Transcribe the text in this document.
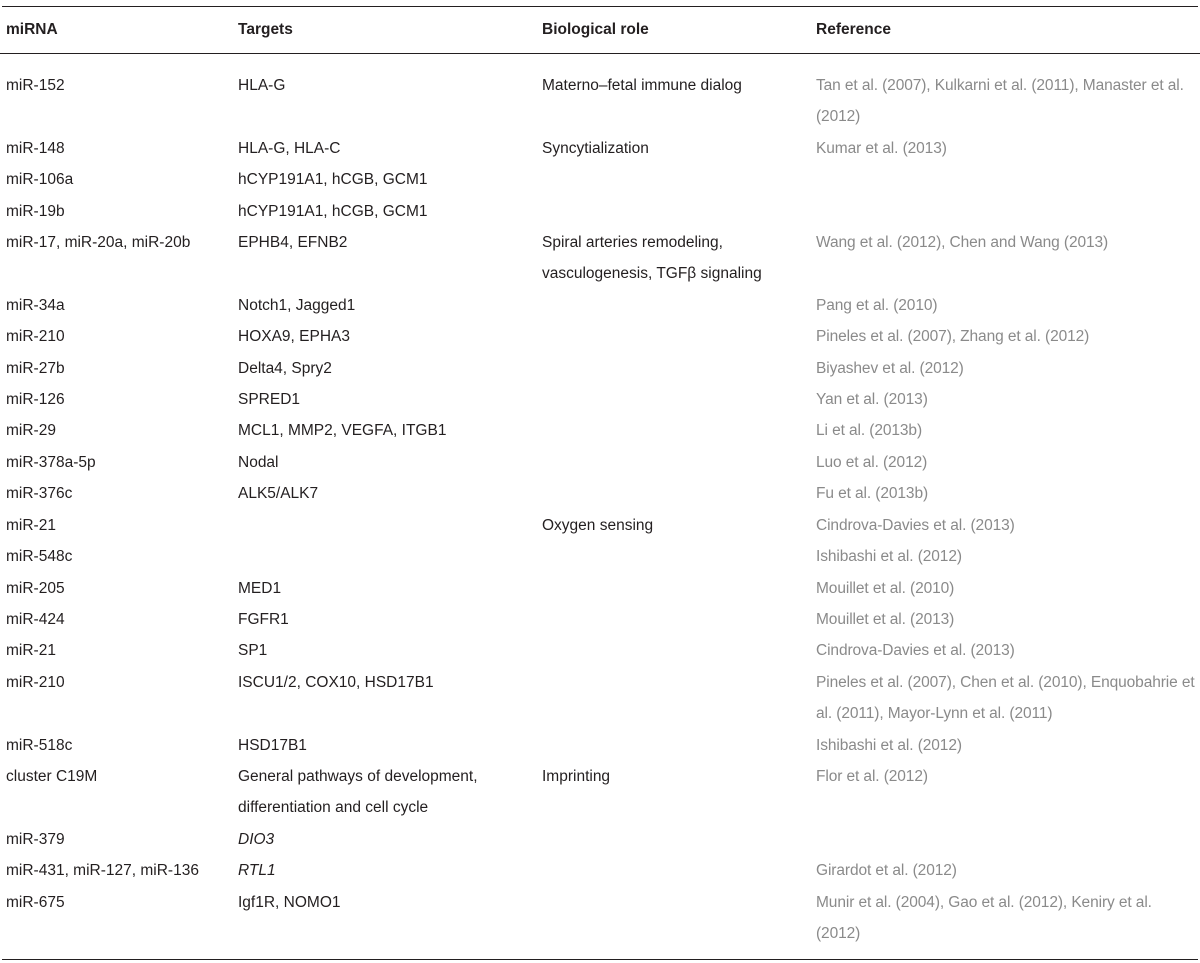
miRNA	Targets	Biological role	Reference
miR-152	HLA-G	Materno–fetal immune dialog	Tan et al. (2007), Kulkarni et al. (2011), Manaster et al. (2012)
miR-148	HLA-G, HLA-C	Syncytialization	Kumar et al. (2013)
miR-106a	hCYP191A1, hCGB, GCM1		
miR-19b	hCYP191A1, hCGB, GCM1		
miR-17, miR-20a, miR-20b	EPHB4, EFNB2	Spiral arteries remodeling, vasculogenesis, TGFβ signaling	Wang et al. (2012), Chen and Wang (2013)
miR-34a	Notch1, Jagged1		Pang et al. (2010)
miR-210	HOXA9, EPHA3		Pineles et al. (2007), Zhang et al. (2012)
miR-27b	Delta4, Spry2		Biyashev et al. (2012)
miR-126	SPRED1		Yan et al. (2013)
miR-29	MCL1, MMP2, VEGFA, ITGB1		Li et al. (2013b)
miR-378a-5p	Nodal		Luo et al. (2012)
miR-376c	ALK5/ALK7		Fu et al. (2013b)
miR-21		Oxygen sensing	Cindrova-Davies et al. (2013)
miR-548c			Ishibashi et al. (2012)
miR-205	MED1		Mouillet et al. (2010)
miR-424	FGFR1		Mouillet et al. (2013)
miR-21	SP1		Cindrova-Davies et al. (2013)
miR-210	ISCU1/2, COX10, HSD17B1		Pineles et al. (2007), Chen et al. (2010), Enquobahrie et al. (2011), Mayor-Lynn et al. (2011)
miR-518c	HSD17B1		Ishibashi et al. (2012)
cluster C19M	General pathways of development, differentiation and cell cycle	Imprinting	Flor et al. (2012)
miR-379	DIO3		
miR-431, miR-127, miR-136	RTL1		Girardot et al. (2012)
miR-675	Igf1R, NOMO1		Munir et al. (2004), Gao et al. (2012), Keniry et al. (2012)
